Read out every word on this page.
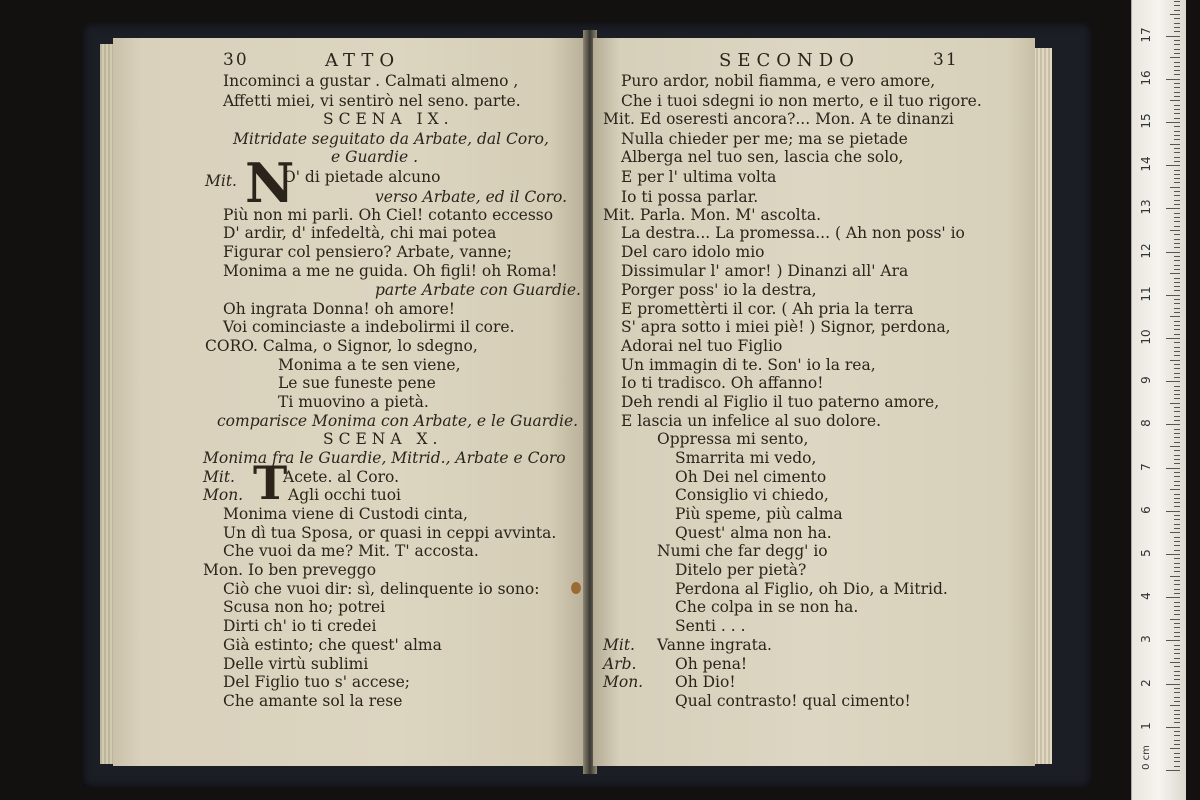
30	ATTO
Incominci a gustar . Calmati almeno ,
Affetti miei, vi sentirò nel seno. parte.
SCENA IX.
Mitridate seguitato da Arbate, dal Coro,
e Guardie .
Mit. N
O' di pietade alcuno
verso Arbate, ed il Coro.
Più non mi parli. Oh Ciel! cotanto eccesso
D' ardir, d' infedeltà, chi mai potea
Figurar col pensiero? Arbate, vanne;
Monima a me ne guida. Oh figli! oh Roma!
parte Arbate con Guardie.
Oh ingrata Donna! oh amore!
Voi cominciaste a indebolirmi il core.
CORO. Calma, o Signor, lo sdegno,
Monima a te sen viene,
Le sue funeste pene
Ti muovino a pietà.
comparisce Monima con Arbate, e le Guardie.
SCENA X.
Monima fra le Guardie, Mitrid., Arbate e Coro
Mit. T
Acete. al Coro.
Mon.	Agli occhi tuoi
Monima viene di Custodi cinta,
Un dì tua Sposa, or quasi in ceppi avvinta.
Che vuoi da me? Mit. T' accosta.
Mon. Io ben preveggo
Ciò che vuoi dir: sì, delinquente io sono:
Scusa non ho; potrei
Dirti ch' io ti credei
Già estinto; che quest' alma
Delle virtù sublimi
Del Figlio tuo s' accese;
Che amante sol la rese
SECONDO	31
Puro ardor, nobil fiamma, e vero amore,
Che i tuoi sdegni io non merto, e il tuo rigore.
Mit. Ed oseresti ancora?... Mon. A te dinanzi
Nulla chieder per me; ma se pietade
Alberga nel tuo sen, lascia che solo,
E per l' ultima volta
Io ti possa parlar.
Mit. Parla. Mon. M' ascolta.
La destra... La promessa... ( Ah non poss' io
Del caro idolo mio
Dissimular l' amor! ) Dinanzi all' Ara
Porger poss' io la destra,
E promettèrti il cor. ( Ah pria la terra
S' apra sotto i miei piè! ) Signor, perdona,
Adorai nel tuo Figlio
Un immagin di te. Son' io la rea,
Io ti tradisco. Oh affanno!
Deh rendi al Figlio il tuo paterno amore,
E lascia un infelice al suo dolore.
Oppressa mi sento,
Smarrita mi vedo,
Oh Dei nel cimento
Consiglio vi chiedo,
Più speme, più calma
Quest' alma non ha.
Numi che far degg' io
Ditelo per pietà?
Perdona al Figlio, oh Dio, a Mitrid.
Che colpa in se non ha.
Senti . . .
Mit. Vanne ingrata.
Arb. Oh pena!
Mon. Oh Dio!
Qual contrasto! qual cimento!
0 cm
1
2
3
4
5
6
7
8
9
10
11
12
13
14
15
16
17
